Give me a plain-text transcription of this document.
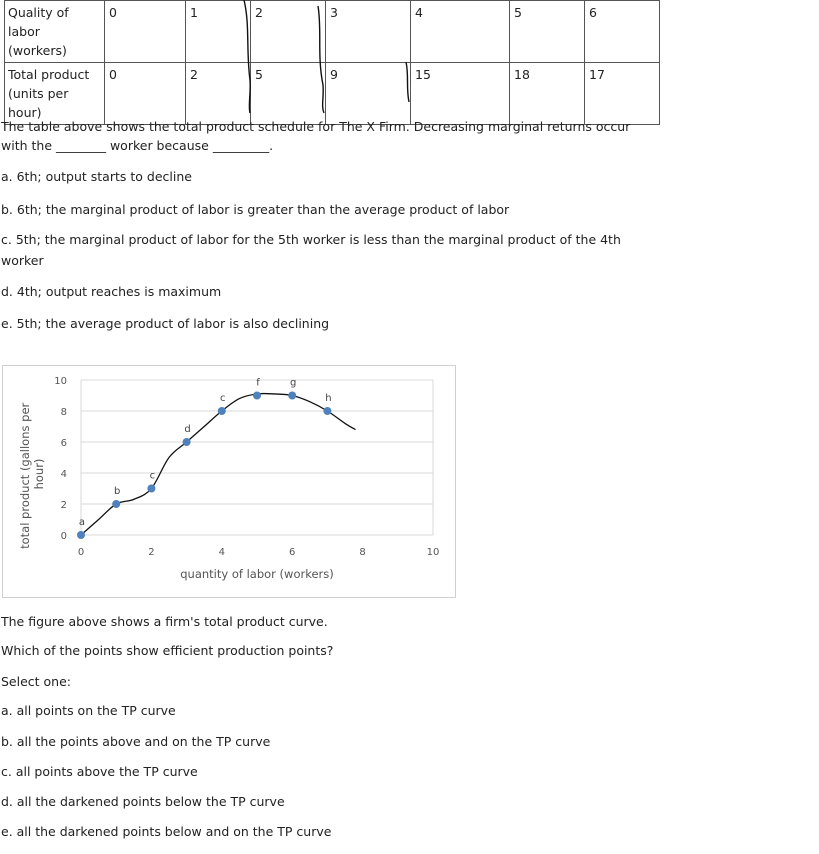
Quality of
labor
(workers)	0	1	2	3	4	5	6

Total product
(units per
hour)	0	2	5	9	15	18	17

The table above shows the total product schedule for The X Firm. Decreasing marginal returns occur

with the ________ worker because _________.

a. 6th; output starts to decline

b. 6th; the marginal product of labor is greater than the average product of labor

c. 5th; the marginal product of labor for the 5th worker is less than the marginal product of the 4th

worker

d. 4th; output reaches is maximum

e. 5th; the average product of labor is also declining

0
2
4
6
8
10
0	2	4	6	8	10
a
b
c
d
c
f	g
h
quantity of labor (workers)
total product (gallons per hour)

The figure above shows a firm's total product curve.

Which of the points show efficient production points?

Select one:

a. all points on the TP curve

b. all the points above and on the TP curve

c. all points above the TP curve

d. all the darkened points below the TP curve

e. all the darkened points below and on the TP curve
